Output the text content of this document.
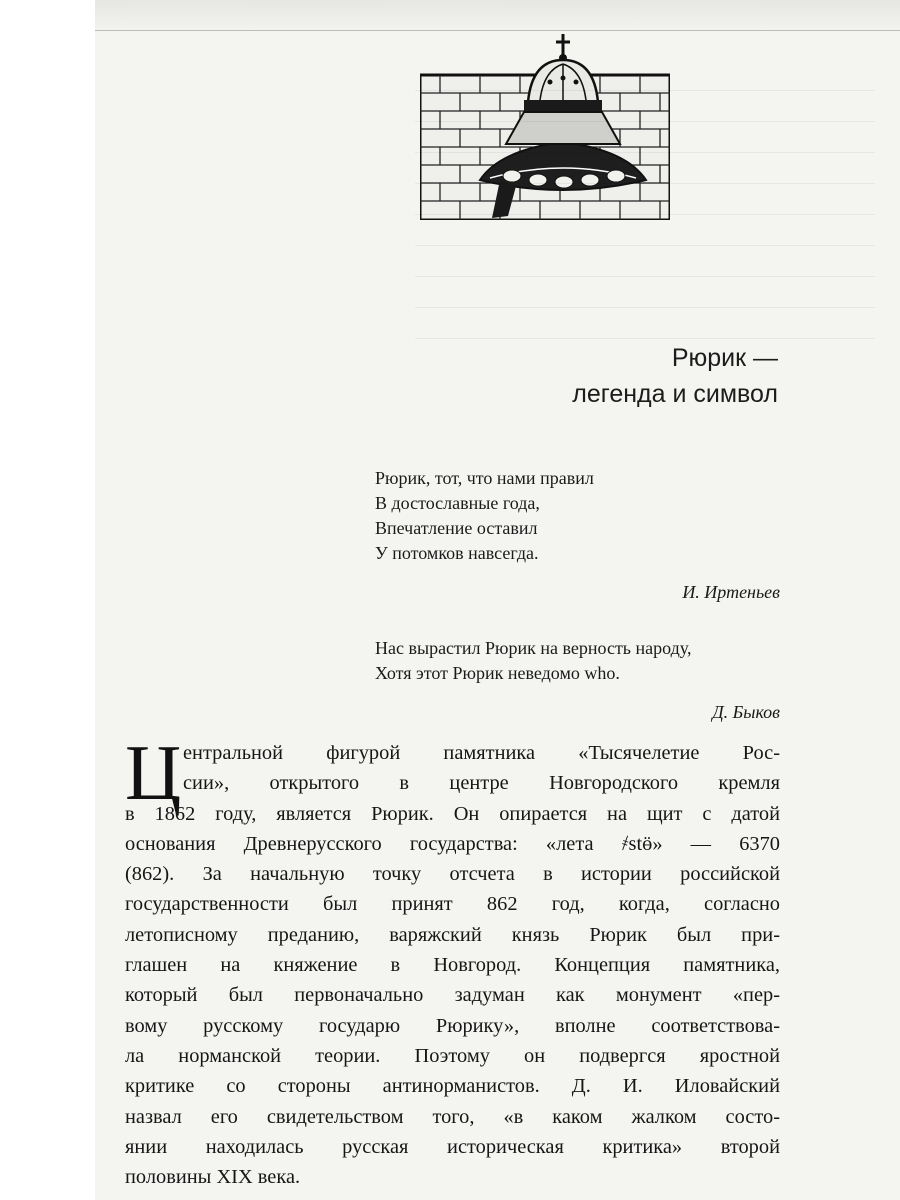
Рюрик —
легенда и символ
Рюрик, тот, что нами правил
В достославные года,
Впечатление оставил
У потомков навсегда.
И. Иртеньев
Нас вырастил Рюрик на верность народу,
Хотя этот Рюрик неведомо who.
Д. Быков
Ц ентральной фигурой памятника «Тысячелетие Рос-
сии», открытого в центре Новгородского кремля
в 1862 году, является Рюрик. Он опирается на щит с датой
основания Древнерусского государства: «лета ҂stӫ» — 6370
(862). За начальную точку отсчета в истории российской
государственности был принят 862 год, когда, согласно
летописному преданию, варяжский князь Рюрик был при-
глашен на княжение в Новгород. Концепция памятника,
который был первоначально задуман как монумент «пер-
вому русскому государю Рюрику», вполне соответствова-
ла норманской теории. Поэтому он подвергся яростной
критике со стороны антинорманистов. Д. И. Иловайский
назвал его свидетельством того, «в каком жалком состо-
янии находилась русская историческая критика» второй
половины XIX века.
